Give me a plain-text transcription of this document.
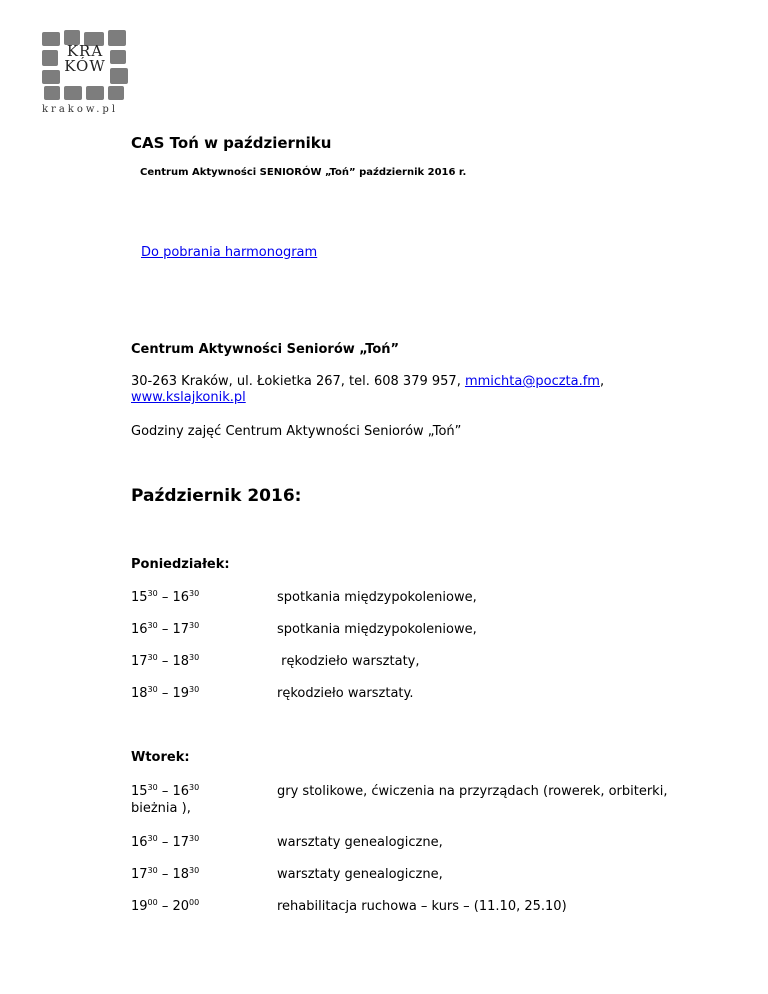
KRA
KÓW
krakow.pl
CAS Toń w październiku

Centrum Aktywności SENIORÓW „Toń” październik 2016 r.

Do pobrania harmonogram

Centrum Aktywności Seniorów „Toń”

30-263 Kraków, ul. Łokietka 267, tel. 608 379 957, mmichta@poczta.fm,
www.kslajkonik.pl

Godziny zajęć Centrum Aktywności Seniorów „Toń”

Październik 2016:

Poniedziałek:

$15^{30} - 16^{30}$	spotkania międzypokoleniowe,
$16^{30} - 17^{30}$	spotkania międzypokoleniowe,
$17^{30} - 18^{30}$	rękodzieło warsztaty,
$18^{30} - 19^{30}$	rękodzieło warsztaty.

Wtorek:

$15^{30} - 16^{30}$	gry stolikowe, ćwiczenia na przyrządach (rowerek, orbiterki,
bieżnia ),
$16^{30} - 17^{30}$	warsztaty genealogiczne,
$17^{30} - 18^{30}$	warsztaty genealogiczne,
$19^{00} - 20^{00}$	rehabilitacja ruchowa – kurs – (11.10, 25.10)
